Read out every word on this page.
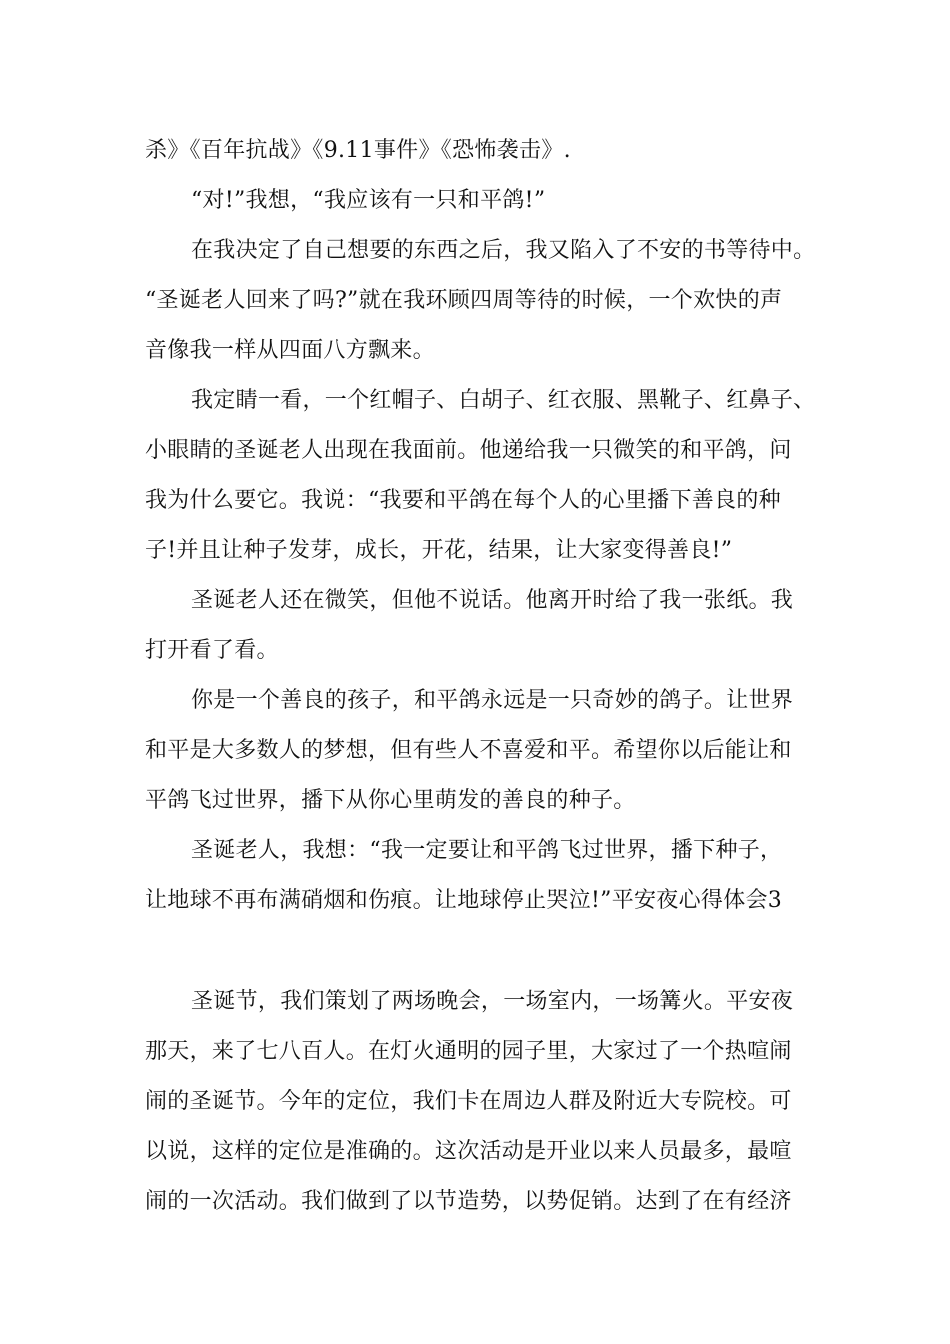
杀》《百年抗战》《9.11事件》《恐怖袭击》.
“对!”我想，“我应该有一只和平鸽!”
在我决定了自己想要的东西之后，我又陷入了不安的书等待中。
“圣诞老人回来了吗?”就在我环顾四周等待的时候，一个欢快的声
音像我一样从四面八方飘来。
我定睛一看，一个红帽子、白胡子、红衣服、黑靴子、红鼻子、
小眼睛的圣诞老人出现在我面前。他递给我一只微笑的和平鸽，问
我为什么要它。我说：“我要和平鸽在每个人的心里播下善良的种
子!并且让种子发芽，成长，开花，结果，让大家变得善良!”
圣诞老人还在微笑，但他不说话。他离开时给了我一张纸。我
打开看了看。
你是一个善良的孩子，和平鸽永远是一只奇妙的鸽子。让世界
和平是大多数人的梦想，但有些人不喜爱和平。希望你以后能让和
平鸽飞过世界，播下从你心里萌发的善良的种子。
圣诞老人，我想：“我一定要让和平鸽飞过世界，播下种子，
让地球不再布满硝烟和伤痕。让地球停止哭泣!”平安夜心得体会3
圣诞节，我们策划了两场晚会，一场室内，一场篝火。平安夜
那天，来了七八百人。在灯火通明的园子里，大家过了一个热喧闹
闹的圣诞节。今年的定位，我们卡在周边人群及附近大专院校。可
以说，这样的定位是准确的。这次活动是开业以来人员最多，最喧
闹的一次活动。我们做到了以节造势，以势促销。达到了在有经济
